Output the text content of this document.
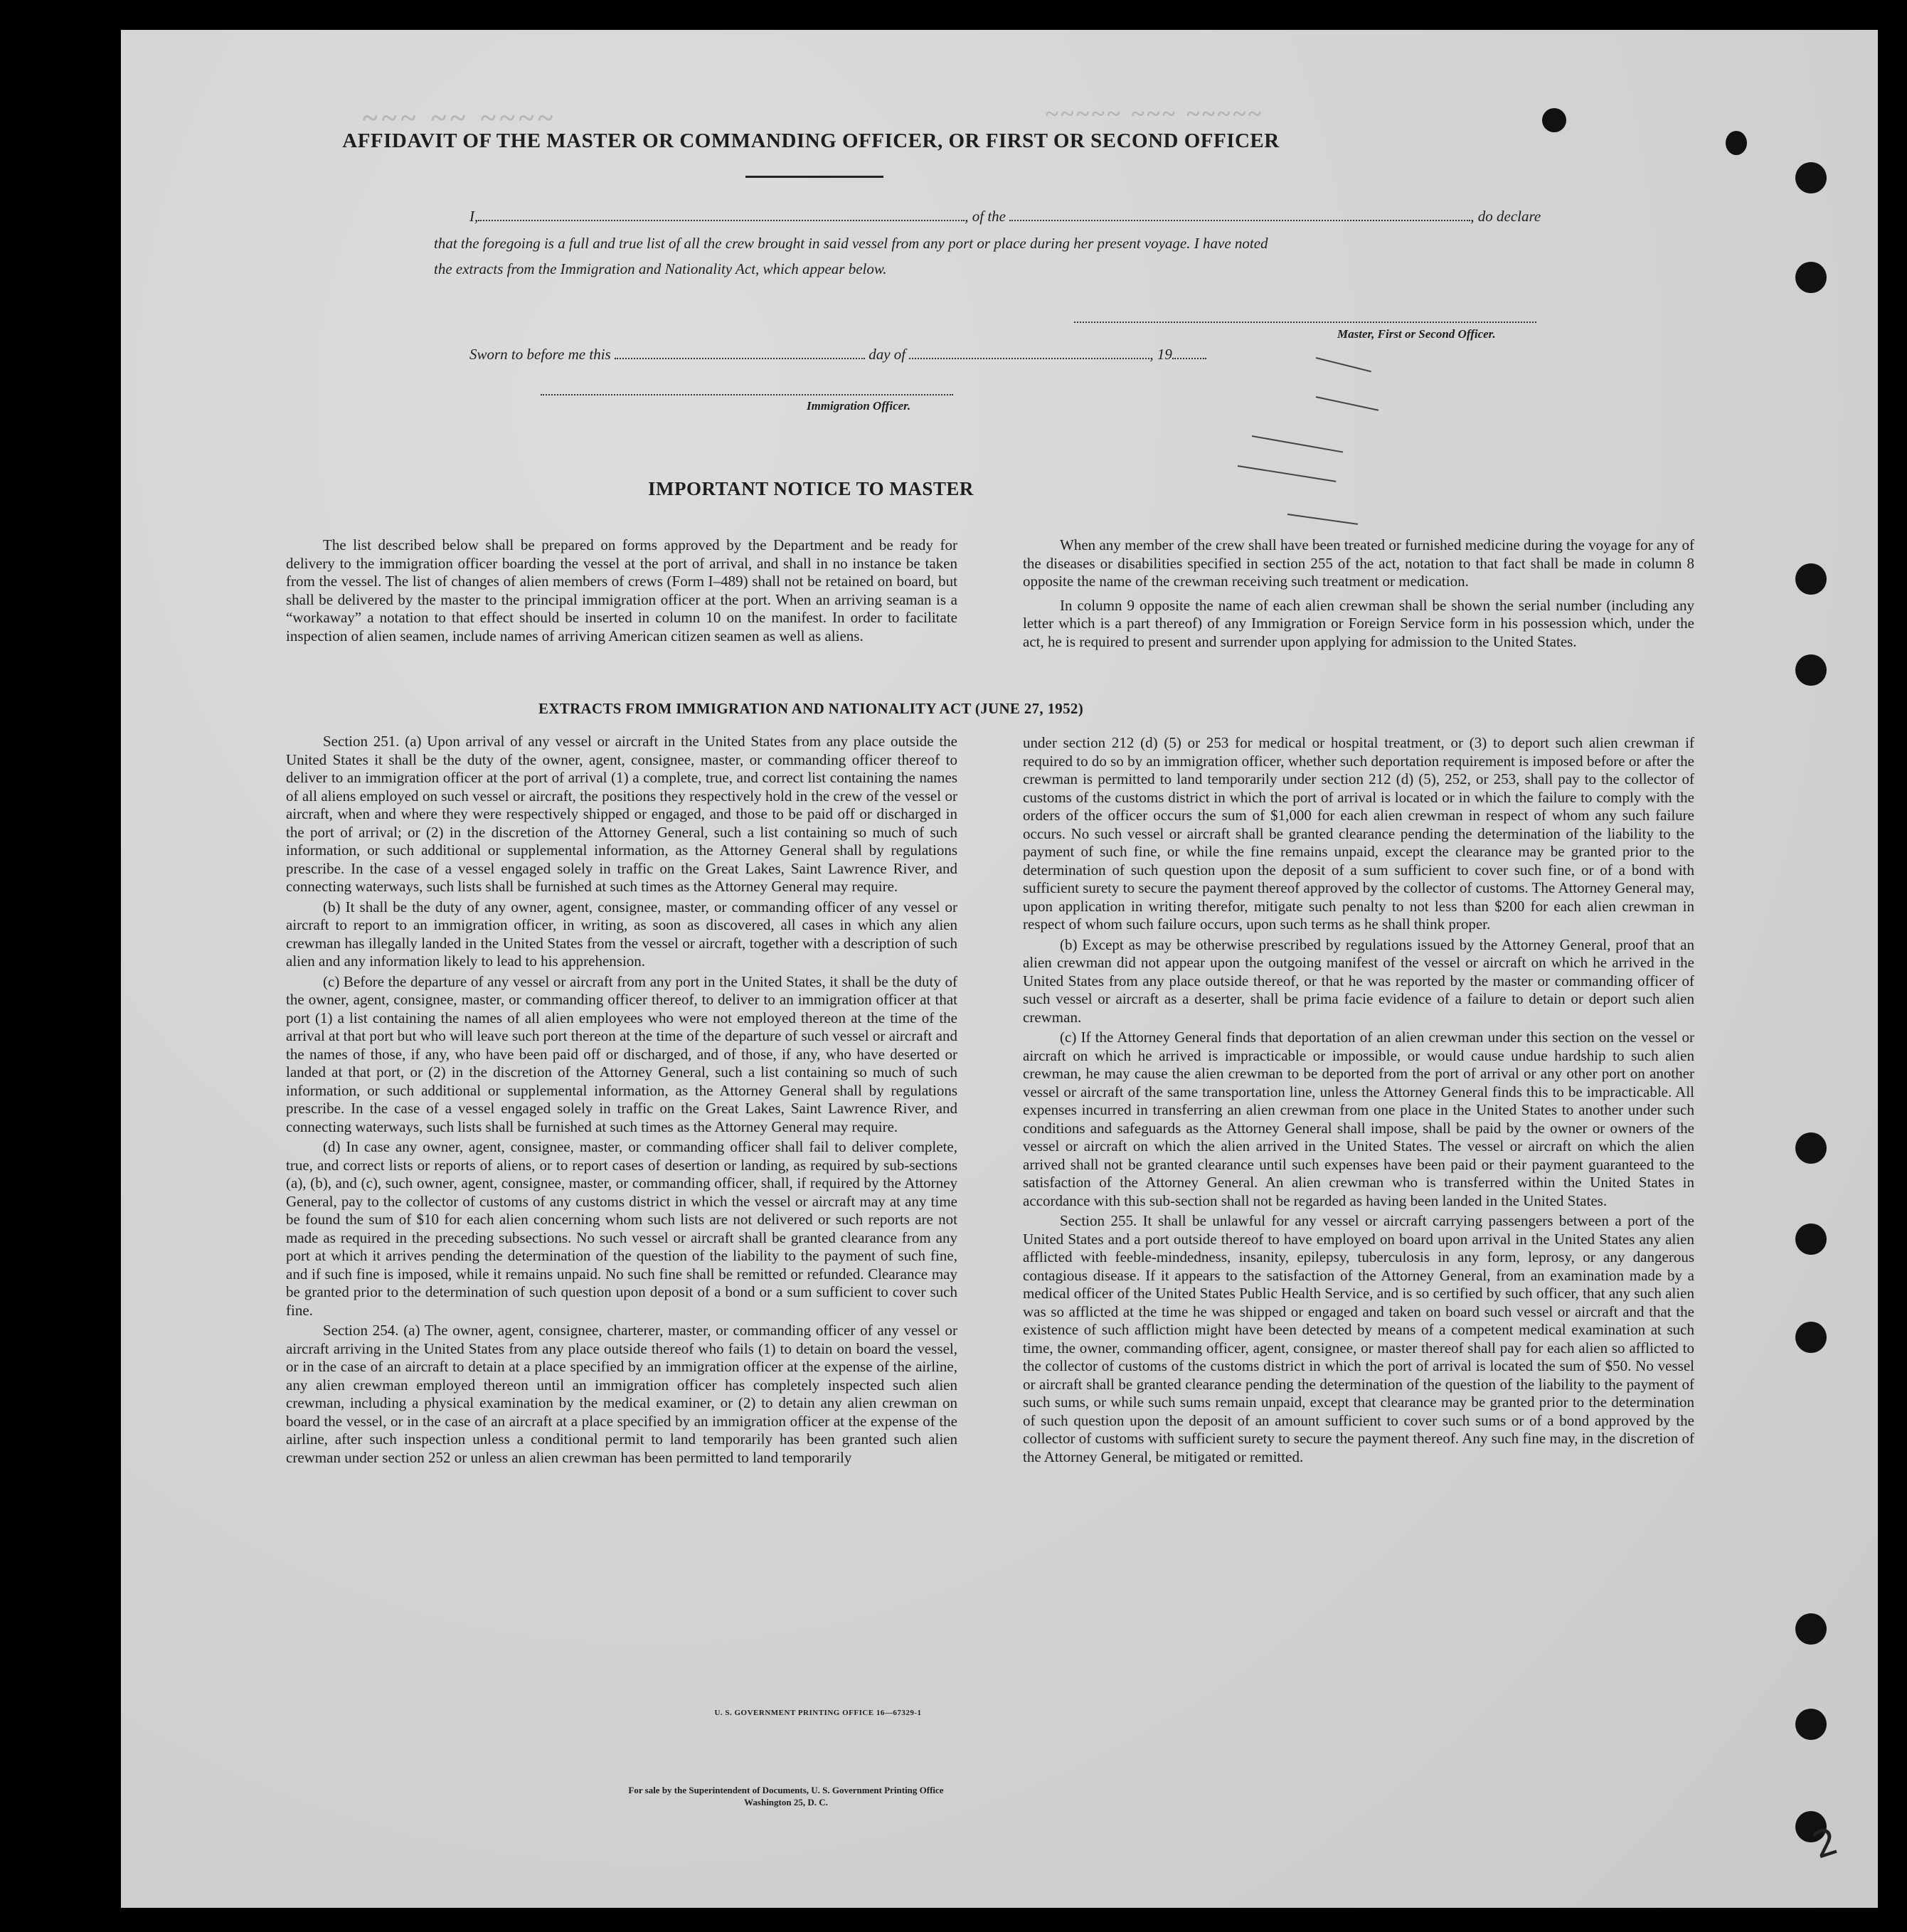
~~~ ~~ ~~~~	~~~~~ ~~~ ~~~~~
AFFIDAVIT OF THE MASTER OR COMMANDING OFFICER, OR FIRST OR SECOND OFFICER
I,	, of the	, do declare
that the foregoing is a full and true list of all the crew brought in said vessel from any port or place during her present voyage. I have noted
the extracts from the Immigration and Nationality Act, which appear below.
Master, First or Second Officer.
Sworn to before me this	day of	, 19
Immigration Officer.
IMPORTANT NOTICE TO MASTER

The list described below shall be prepared on forms approved by the Department and be ready for delivery to the immigration officer boarding the vessel at the port of arrival, and shall in no instance be taken from the vessel. The list of changes of alien members of crews (Form I–489) shall not be retained on board, but shall be delivered by the master to the principal immigration officer at the port. When an arriving seaman is a “workaway” a notation to that effect should be inserted in column 10 on the manifest. In order to facilitate inspection of alien seamen, include names of arriving American citizen seamen as well as aliens.

When any member of the crew shall have been treated or furnished medicine during the voyage for any of the diseases or disabilities specified in section 255 of the act, notation to that fact shall be made in column 8 opposite the name of the crewman receiving such treatment or medication.

In column 9 opposite the name of each alien crewman shall be shown the serial number (including any letter which is a part thereof) of any Immigration or Foreign Service form in his possession which, under the act, he is required to present and surrender upon applying for admission to the United States.

EXTRACTS FROM IMMIGRATION AND NATIONALITY ACT (JUNE 27, 1952)

Section 251. (a) Upon arrival of any vessel or aircraft in the United States from any place outside the United States it shall be the duty of the owner, agent, consignee, master, or commanding officer thereof to deliver to an immigration officer at the port of arrival (1) a complete, true, and correct list containing the names of all aliens employed on such vessel or aircraft, the positions they respectively hold in the crew of the vessel or aircraft, when and where they were respectively shipped or engaged, and those to be paid off or discharged in the port of arrival; or (2) in the discretion of the Attorney General, such a list containing so much of such information, or such additional or supplemental information, as the Attorney General shall by regulations prescribe. In the case of a vessel engaged solely in traffic on the Great Lakes, Saint Lawrence River, and connecting waterways, such lists shall be furnished at such times as the Attorney General may require.

(b) It shall be the duty of any owner, agent, consignee, master, or commanding officer of any vessel or aircraft to report to an immigration officer, in writing, as soon as discovered, all cases in which any alien crewman has illegally landed in the United States from the vessel or aircraft, together with a description of such alien and any information likely to lead to his apprehension.

(c) Before the departure of any vessel or aircraft from any port in the United States, it shall be the duty of the owner, agent, consignee, master, or commanding officer thereof, to deliver to an immigration officer at that port (1) a list containing the names of all alien employees who were not employed thereon at the time of the arrival at that port but who will leave such port thereon at the time of the departure of such vessel or aircraft and the names of those, if any, who have been paid off or discharged, and of those, if any, who have deserted or landed at that port, or (2) in the discretion of the Attorney General, such a list containing so much of such information, or such additional or supplemental information, as the Attorney General shall by regulations prescribe. In the case of a vessel engaged solely in traffic on the Great Lakes, Saint Lawrence River, and connecting waterways, such lists shall be furnished at such times as the Attorney General may require.

(d) In case any owner, agent, consignee, master, or commanding officer shall fail to deliver complete, true, and correct lists or reports of aliens, or to report cases of desertion or landing, as required by sub-sections (a), (b), and (c), such owner, agent, consignee, master, or commanding officer, shall, if required by the Attorney General, pay to the collector of customs of any customs district in which the vessel or aircraft may at any time be found the sum of $10 for each alien concerning whom such lists are not delivered or such reports are not made as required in the preceding subsections. No such vessel or aircraft shall be granted clearance from any port at which it arrives pending the determination of the question of the liability to the payment of such fine, and if such fine is imposed, while it remains unpaid. No such fine shall be remitted or refunded. Clearance may be granted prior to the determination of such question upon deposit of a bond or a sum sufficient to cover such fine.

Section 254. (a) The owner, agent, consignee, charterer, master, or commanding officer of any vessel or aircraft arriving in the United States from any place outside thereof who fails (1) to detain on board the vessel, or in the case of an aircraft to detain at a place specified by an immigration officer at the expense of the airline, any alien crewman employed thereon until an immigration officer has completely inspected such alien crewman, including a physical examination by the medical examiner, or (2) to detain any alien crewman on board the vessel, or in the case of an aircraft at a place specified by an immigration officer at the expense of the airline, after such inspection unless a conditional permit to land temporarily has been granted such alien crewman under section 252 or unless an alien crewman has been permitted to land temporarily

under section 212 (d) (5) or 253 for medical or hospital treatment, or (3) to deport such alien crewman if required to do so by an immigration officer, whether such deportation requirement is imposed before or after the crewman is permitted to land temporarily under section 212 (d) (5), 252, or 253, shall pay to the collector of customs of the customs district in which the port of arrival is located or in which the failure to comply with the orders of the officer occurs the sum of $1,000 for each alien crewman in respect of whom any such failure occurs. No such vessel or aircraft shall be granted clearance pending the determination of the liability to the payment of such fine, or while the fine remains unpaid, except the clearance may be granted prior to the determination of such question upon the deposit of a sum sufficient to cover such fine, or of a bond with sufficient surety to secure the payment thereof approved by the collector of customs. The Attorney General may, upon application in writing therefor, mitigate such penalty to not less than $200 for each alien crewman in respect of whom such failure occurs, upon such terms as he shall think proper.

(b) Except as may be otherwise prescribed by regulations issued by the Attorney General, proof that an alien crewman did not appear upon the outgoing manifest of the vessel or aircraft on which he arrived in the United States from any place outside thereof, or that he was reported by the master or commanding officer of such vessel or aircraft as a deserter, shall be prima facie evidence of a failure to detain or deport such alien crewman.

(c) If the Attorney General finds that deportation of an alien crewman under this section on the vessel or aircraft on which he arrived is impracticable or impossible, or would cause undue hardship to such alien crewman, he may cause the alien crewman to be deported from the port of arrival or any other port on another vessel or aircraft of the same transportation line, unless the Attorney General finds this to be impracticable. All expenses incurred in transferring an alien crewman from one place in the United States to another under such conditions and safeguards as the Attorney General shall impose, shall be paid by the owner or owners of the vessel or aircraft on which the alien arrived in the United States. The vessel or aircraft on which the alien arrived shall not be granted clearance until such expenses have been paid or their payment guaranteed to the satisfaction of the Attorney General. An alien crewman who is transferred within the United States in accordance with this sub-section shall not be regarded as having been landed in the United States.

Section 255. It shall be unlawful for any vessel or aircraft carrying passengers between a port of the United States and a port outside thereof to have employed on board upon arrival in the United States any alien afflicted with feeble-mindedness, insanity, epilepsy, tuberculosis in any form, leprosy, or any dangerous contagious disease. If it appears to the satisfaction of the Attorney General, from an examination made by a medical officer of the United States Public Health Service, and is so certified by such officer, that any such alien was so afflicted at the time he was shipped or engaged and taken on board such vessel or aircraft and that the existence of such affliction might have been detected by means of a competent medical examination at such time, the owner, commanding officer, agent, consignee, or master thereof shall pay for each alien so afflicted to the collector of customs of the customs district in which the port of arrival is located the sum of $50. No vessel or aircraft shall be granted clearance pending the determination of the question of the liability to the payment of such sums, or while such sums remain unpaid, except that clearance may be granted prior to the determination of such question upon the deposit of an amount sufficient to cover such sums or of a bond approved by the collector of customs with sufficient surety to secure the payment thereof. Any such fine may, in the discretion of the Attorney General, be mitigated or remitted.

U. S. GOVERNMENT PRINTING OFFICE 16—67329-1
For sale by the Superintendent of Documents, U. S. Government Printing Office
Washington 25, D. C.
2
